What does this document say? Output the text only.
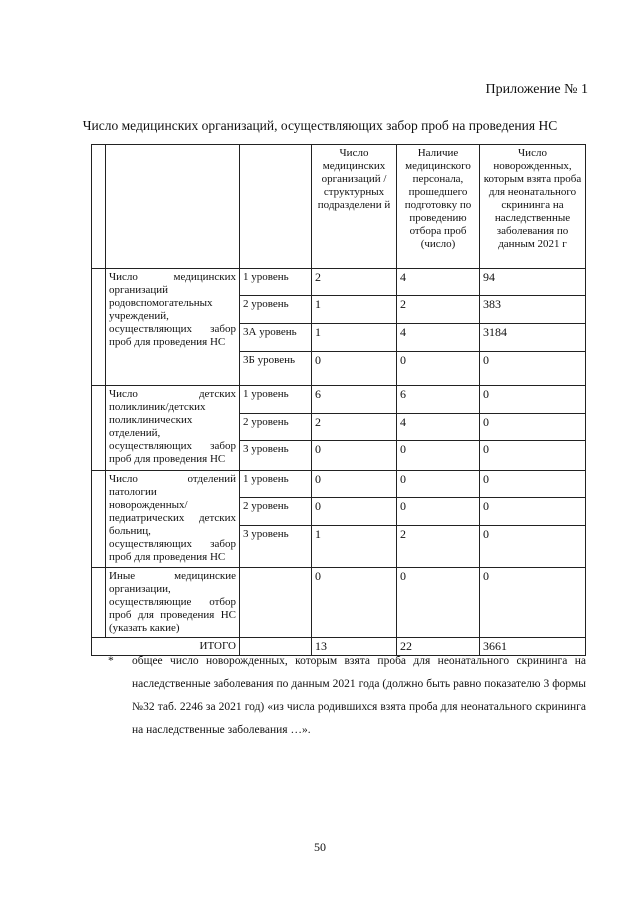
Приложение № 1
Число медицинских организаций, осуществляющих забор проб на проведения НС
			Число медицинских организаций /структурных подразделени й	Наличие медицинского персонала, прошедшего подготовку по проведению отбора проб (число)	Число новорожденных, которым взята проба для неонатального скрининга на наследственные заболевания по данным 2021 г
	Число медицинских организаций родовспомогательных учреждений, осуществляющих забор проб для проведения НС	1 уровень	2	4	94
		2 уровень	1	2	383
		3А уровень	1	4	3184
		3Б уровень	0	0	0
	Число детских поликлиник/детских поликлинических отделений, осуществляющих забор проб для проведения НС	1 уровень	6	6	0
		2 уровень	2	4	0
		3 уровень	0	0	0
	Число отделений патологии новорожденных/педиатрических детских больниц, осуществляющих забор проб для проведения НС	1 уровень	0	0	0
		2 уровень	0	0	0
		3 уровень	1	2	0
	Иные медицинские организации, осуществляющие отбор проб для проведения НС (указать какие)		0	0	0
ИТОГО			13	22	3661
*	общее число новорожденных, которым взята проба для неонатального скрининга на наследственные заболевания по данным 2021 года (должно быть равно показателю 3 формы №32 таб. 2246 за 2021 год) «из числа родившихся взята проба для неонатального скрининга на наследственные заболевания …».
50
